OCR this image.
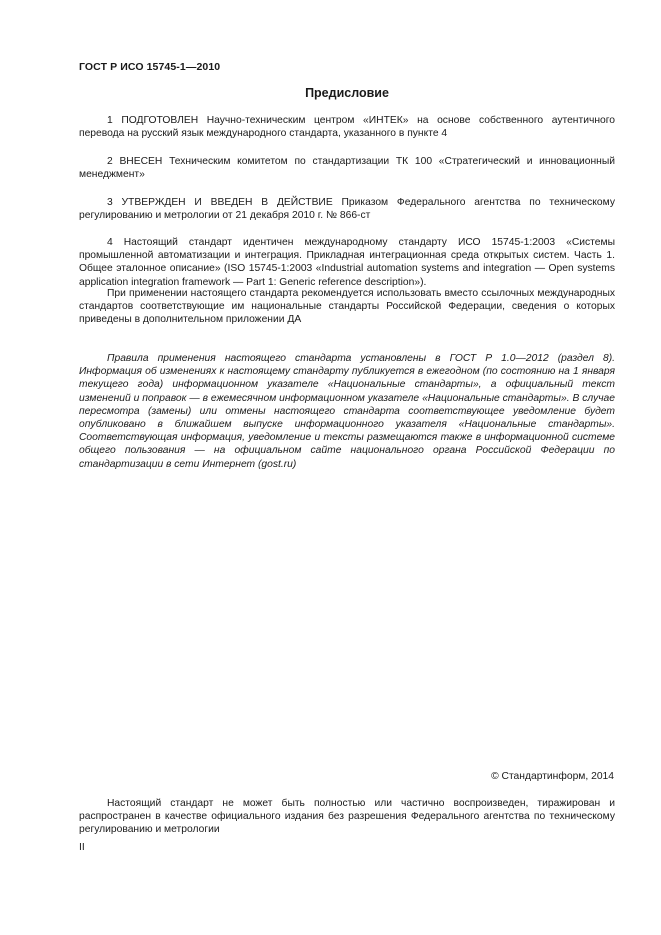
ГОСТ Р ИСО 15745-1—2010
Предисловие

1 ПОДГОТОВЛЕН Научно-техническим центром «ИНТЕК» на основе собственного аутентичного перевода на русский язык международного стандарта, указанного в пункте 4

2 ВНЕСЕН Техническим комитетом по стандартизации ТК 100 «Стратегический и инновационный менеджмент»

3 УТВЕРЖДЕН И ВВЕДЕН В ДЕЙСТВИЕ Приказом Федерального агентства по техническому регулированию и метрологии от 21 декабря 2010 г. № 866-ст

4 Настоящий стандарт идентичен международному стандарту ИСО 15745-1:2003 «Системы промышленной автоматизации и интеграция. Прикладная интеграционная среда открытых систем. Часть 1. Общее эталонное описание» (ISO 15745-1:2003 «Industrial automation systems and integration — Open systems application integration framework — Part 1: Generic reference description»).

При применении настоящего стандарта рекомендуется использовать вместо ссылочных международных стандартов соответствующие им национальные стандарты Российской Федерации, сведения о которых приведены в дополнительном приложении ДА

Правила применения настоящего стандарта установлены в ГОСТ Р 1.0—2012 (раздел 8). Информация об изменениях к настоящему стандарту публикуется в ежегодном (по состоянию на 1 января текущего года) информационном указателе «Национальные стандарты», а официальный текст изменений и поправок — в ежемесячном информационном указателе «Национальные стандарты». В случае пересмотра (замены) или отмены настоящего стандарта соответствующее уведомление будет опубликовано в ближайшем выпуске информационного указателя «Национальные стандарты». Соответствующая информация, уведомление и тексты размещаются также в информационной системе общего пользования — на официальном сайте национального органа Российской Федерации по стандартизации в сети Интернет (gost.ru)

© Стандартинформ, 2014

Настоящий стандарт не может быть полностью или частично воспроизведен, тиражирован и распространен в качестве официального издания без разрешения Федерального агентства по техническому регулированию и метрологии

II
